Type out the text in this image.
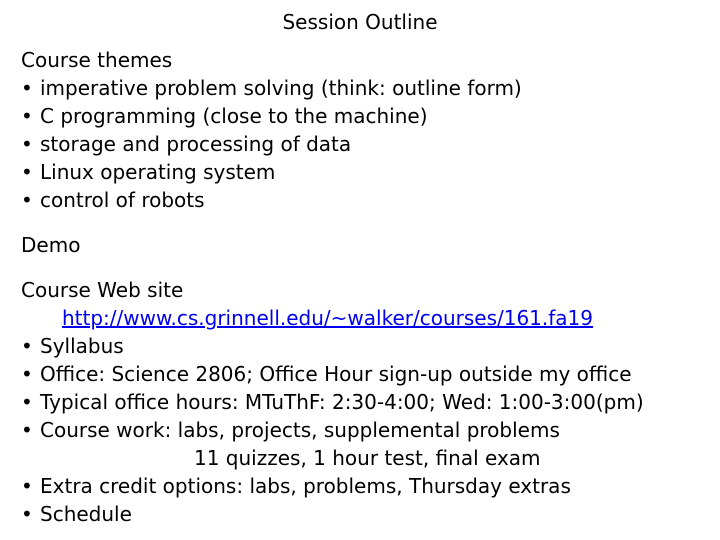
Session Outline
Course themes
• imperative problem solving (think: outline form)
• C programming (close to the machine)
• storage and processing of data
• Linux operating system
• control of robots
Demo
Course Web site
http://www.cs.grinnell.edu/~walker/courses/161.fa19
• Syllabus
• Office: Science 2806; Office Hour sign-up outside my office
• Typical office hours: MTuThF: 2:30-4:00; Wed: 1:00-3:00(pm)
• Course work: labs, projects, supplemental problems
11 quizzes, 1 hour test, final exam
• Extra credit options: labs, problems, Thursday extras
• Schedule
